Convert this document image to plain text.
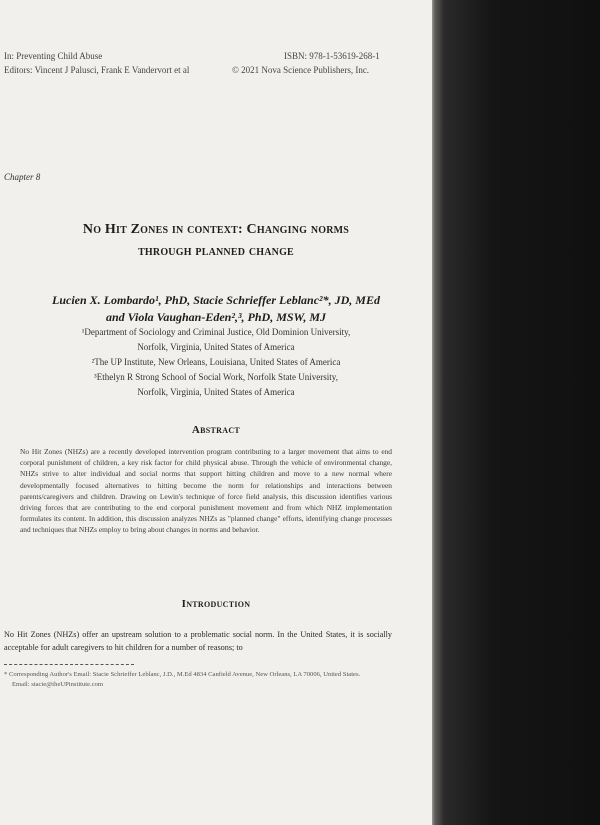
In: Preventing Child Abuse
Editors: Vincent J Palusci, Frank E Vandervort et al
ISBN: 978-1-53619-268-1
© 2021 Nova Science Publishers, Inc.
Chapter 8
No Hit Zones in context: Changing norms
through planned change
Lucien X. Lombardo¹, PhD, Stacie Schrieffer Leblanc²*, JD, MEd
and Viola Vaughan-Eden²,³, PhD, MSW, MJ
¹Department of Sociology and Criminal Justice, Old Dominion University,
Norfolk, Virginia, United States of America
²The UP Institute, New Orleans, Louisiana, United States of America
³Ethelyn R Strong School of Social Work, Norfolk State University,
Norfolk, Virginia, United States of America
Abstract
No Hit Zones (NHZs) are a recently developed intervention program contributing to a larger movement that aims to end corporal punishment of children, a key risk factor for child physical abuse. Through the vehicle of environmental change, NHZs strive to alter individual and social norms that support hitting children and move to a new normal where developmentally focused alternatives to hitting become the norm for relationships and interactions between parents/caregivers and children. Drawing on Lewin's technique of force field analysis, this discussion identifies various driving forces that are contributing to the end corporal punishment movement and from which NHZ implementation formulates its content. In addition, this discussion analyzes NHZs as "planned change" efforts, identifying change processes and techniques that NHZs employ to bring about changes in norms and behavior.
Introduction
No Hit Zones (NHZs) offer an upstream solution to a problematic social norm. In the United States, it is socially acceptable for adult caregivers to hit children for a number of reasons; to
* Corresponding Author's Email: Stacie Schrieffer Leblanc, J.D., M.Ed 4834 Canfield Avenue, New Orleans, LA 70006, United States.
Email: stacie@theUPinstitute.com
